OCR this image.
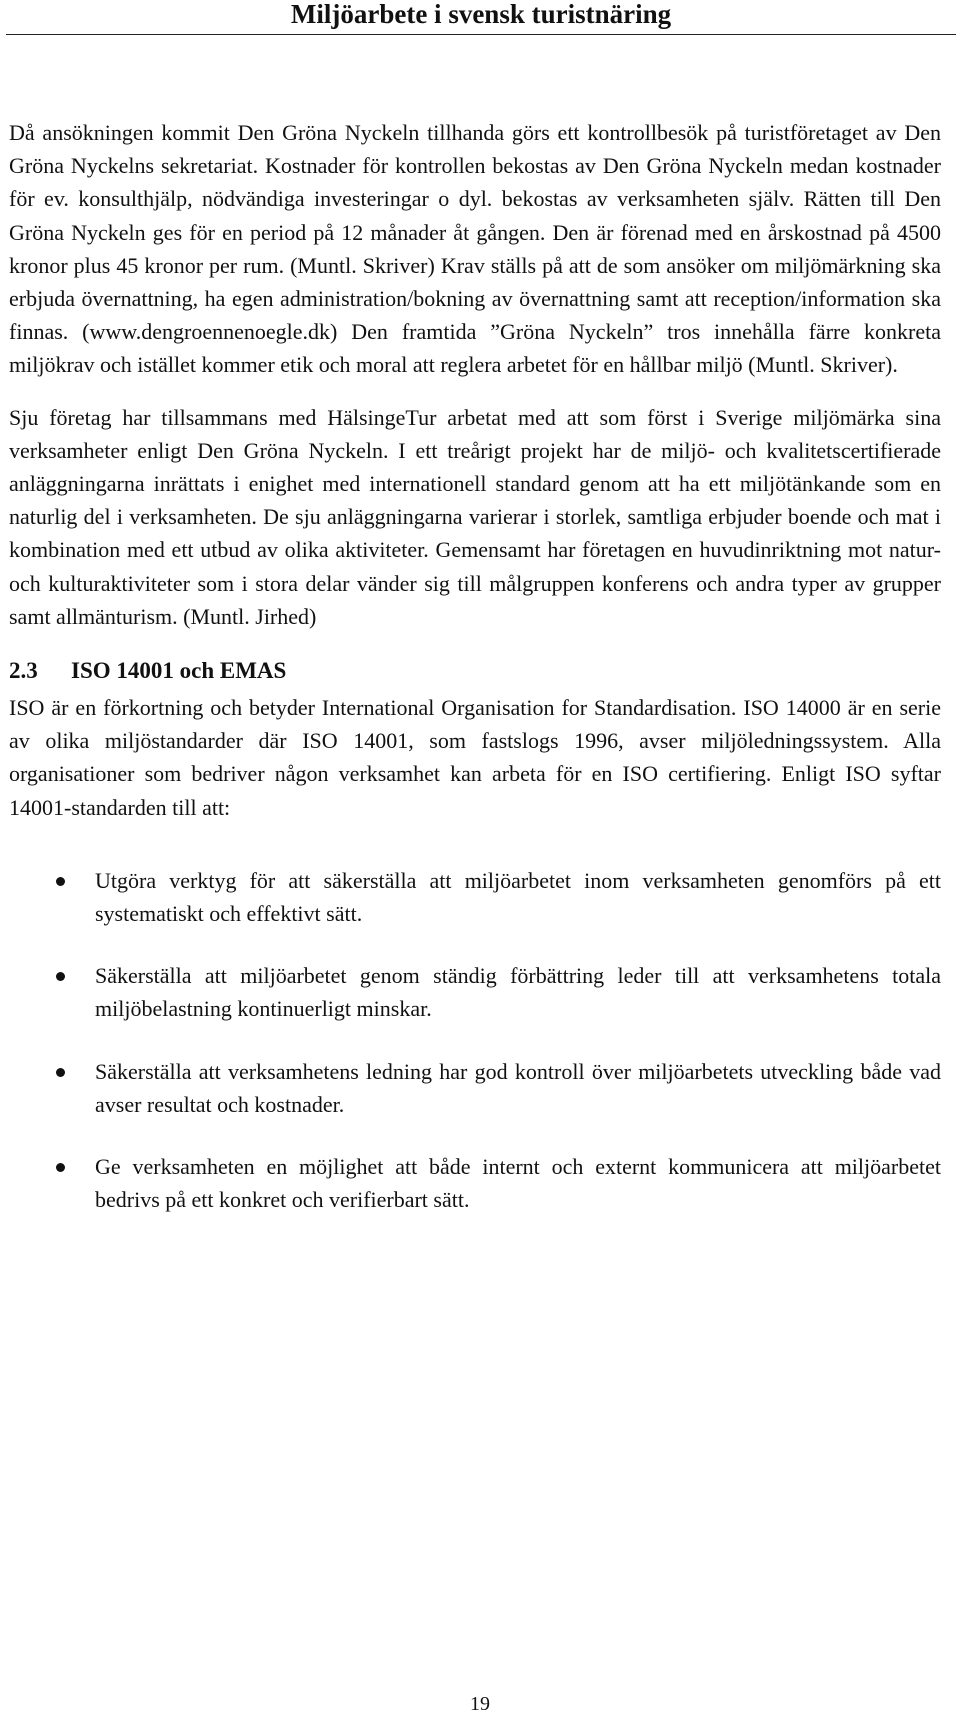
Miljöarbete i svensk turistnäring

Då ansökningen kommit Den Gröna Nyckeln tillhanda görs ett kontrollbesök på turistföretaget av Den Gröna Nyckelns sekretariat. Kostnader för kontrollen bekostas av Den Gröna Nyckeln medan kostnader för ev. konsulthjälp, nödvändiga investeringar o dyl. bekostas av verksamheten själv. Rätten till Den Gröna Nyckeln ges för en period på 12 månader åt gången. Den är förenad med en årskostnad på 4500 kronor plus 45 kronor per rum. (Muntl. Skriver) Krav ställs på att de som ansöker om miljömärkning ska erbjuda övernattning, ha egen administration/bokning av övernattning samt att reception/information ska finnas. (www.dengroennenoegle.dk) Den framtida ”Gröna Nyckeln” tros innehålla färre konkreta miljökrav och istället kommer etik och moral att reglera arbetet för en hållbar miljö (Muntl. Skriver).

Sju företag har tillsammans med HälsingeTur arbetat med att som först i Sverige miljömärka sina verksamheter enligt Den Gröna Nyckeln. I ett treårigt projekt har de miljö- och kvalitetscertifierade anläggningarna inrättats i enighet med internationell standard genom att ha ett miljötänkande som en naturlig del i verksamheten. De sju anläggningarna varierar i storlek, samtliga erbjuder boende och mat i kombination med ett utbud av olika aktiviteter. Gemensamt har företagen en huvudinriktning mot natur- och kulturaktiviteter som i stora delar vänder sig till målgruppen konferens och andra typer av grupper samt allmänturism. (Muntl. Jirhed)

2.3 ISO 14001 och EMAS

ISO är en förkortning och betyder International Organisation for Standardisation. ISO 14000 är en serie av olika miljöstandarder där ISO 14001, som fastslogs 1996, avser miljöledningssystem. Alla organisationer som bedriver någon verksamhet kan arbeta för en ISO certifiering. Enligt ISO syftar 14001-standarden till att:

Utgöra verktyg för att säkerställa att miljöarbetet inom verksamheten genomförs på ett systematiskt och effektivt sätt.
Säkerställa att miljöarbetet genom ständig förbättring leder till att verksamhetens totala miljöbelastning kontinuerligt minskar.
Säkerställa att verksamhetens ledning har god kontroll över miljöarbetets utveckling både vad avser resultat och kostnader.
Ge verksamheten en möjlighet att både internt och externt kommunicera att miljöarbetet bedrivs på ett konkret och verifierbart sätt.
19
